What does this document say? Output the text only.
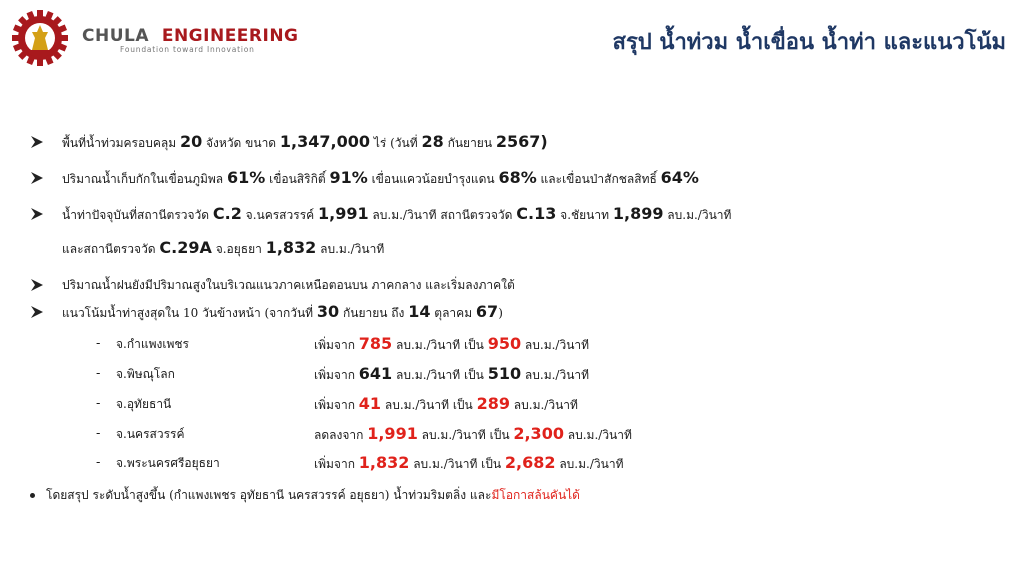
CHULA ENGINEERING
Foundation toward Innovation	สรุป น้ำท่วม น้ำเขื่อน น้ำท่า และแนวโน้ม
พื้นที่น้ำท่วมครอบคลุม 20 จังหวัด ขนาด 1,347,000 ไร่ (วันที่ 28 กันยายน 2567)
ปริมาณน้ำเก็บกักในเขื่อนภูมิพล 61% เขื่อนสิริกิติ์ 91% เขื่อนแควน้อยบำรุงแดน 68% และเขื่อนป่าสักชลสิทธิ์ 64%
น้ำท่าปัจจุบันที่สถานีตรวจวัด C.2 จ.นครสวรรค์ 1,991 ลบ.ม./วินาที สถานีตรวจวัด C.13 จ.ชัยนาท 1,899 ลบ.ม./วินาที
และสถานีตรวจวัด C.29A จ.อยุธยา 1,832 ลบ.ม./วินาที
ปริมาณน้ำฝนยังมีปริมาณสูงในบริเวณแนวภาคเหนือตอนบน ภาคกลาง และเริ่มลงภาคใต้
แนวโน้มน้ำท่าสูงสุดใน 10 วันข้างหน้า (จากวันที่ 30 กันยายน ถึง 14 ตุลาคม 67)
- จ.กำแพงเพชร	เพิ่มจาก 785 ลบ.ม./วินาที เป็น 950 ลบ.ม./วินาที
- จ.พิษณุโลก	เพิ่มจาก 641 ลบ.ม./วินาที เป็น 510 ลบ.ม./วินาที
- จ.อุทัยธานี	เพิ่มจาก 41 ลบ.ม./วินาที เป็น 289 ลบ.ม./วินาที
- จ.นครสวรรค์	ลดลงจาก 1,991 ลบ.ม./วินาที เป็น 2,300 ลบ.ม./วินาที
- จ.พระนครศรีอยุธยา	เพิ่มจาก 1,832 ลบ.ม./วินาที เป็น 2,682 ลบ.ม./วินาที
โดยสรุป ระดับน้ำสูงขึ้น (กำแพงเพชร อุทัยธานี นครสวรรค์ อยุธยา) น้ำท่วมริมตลิ่ง และมีโอกาสล้นคันได้
